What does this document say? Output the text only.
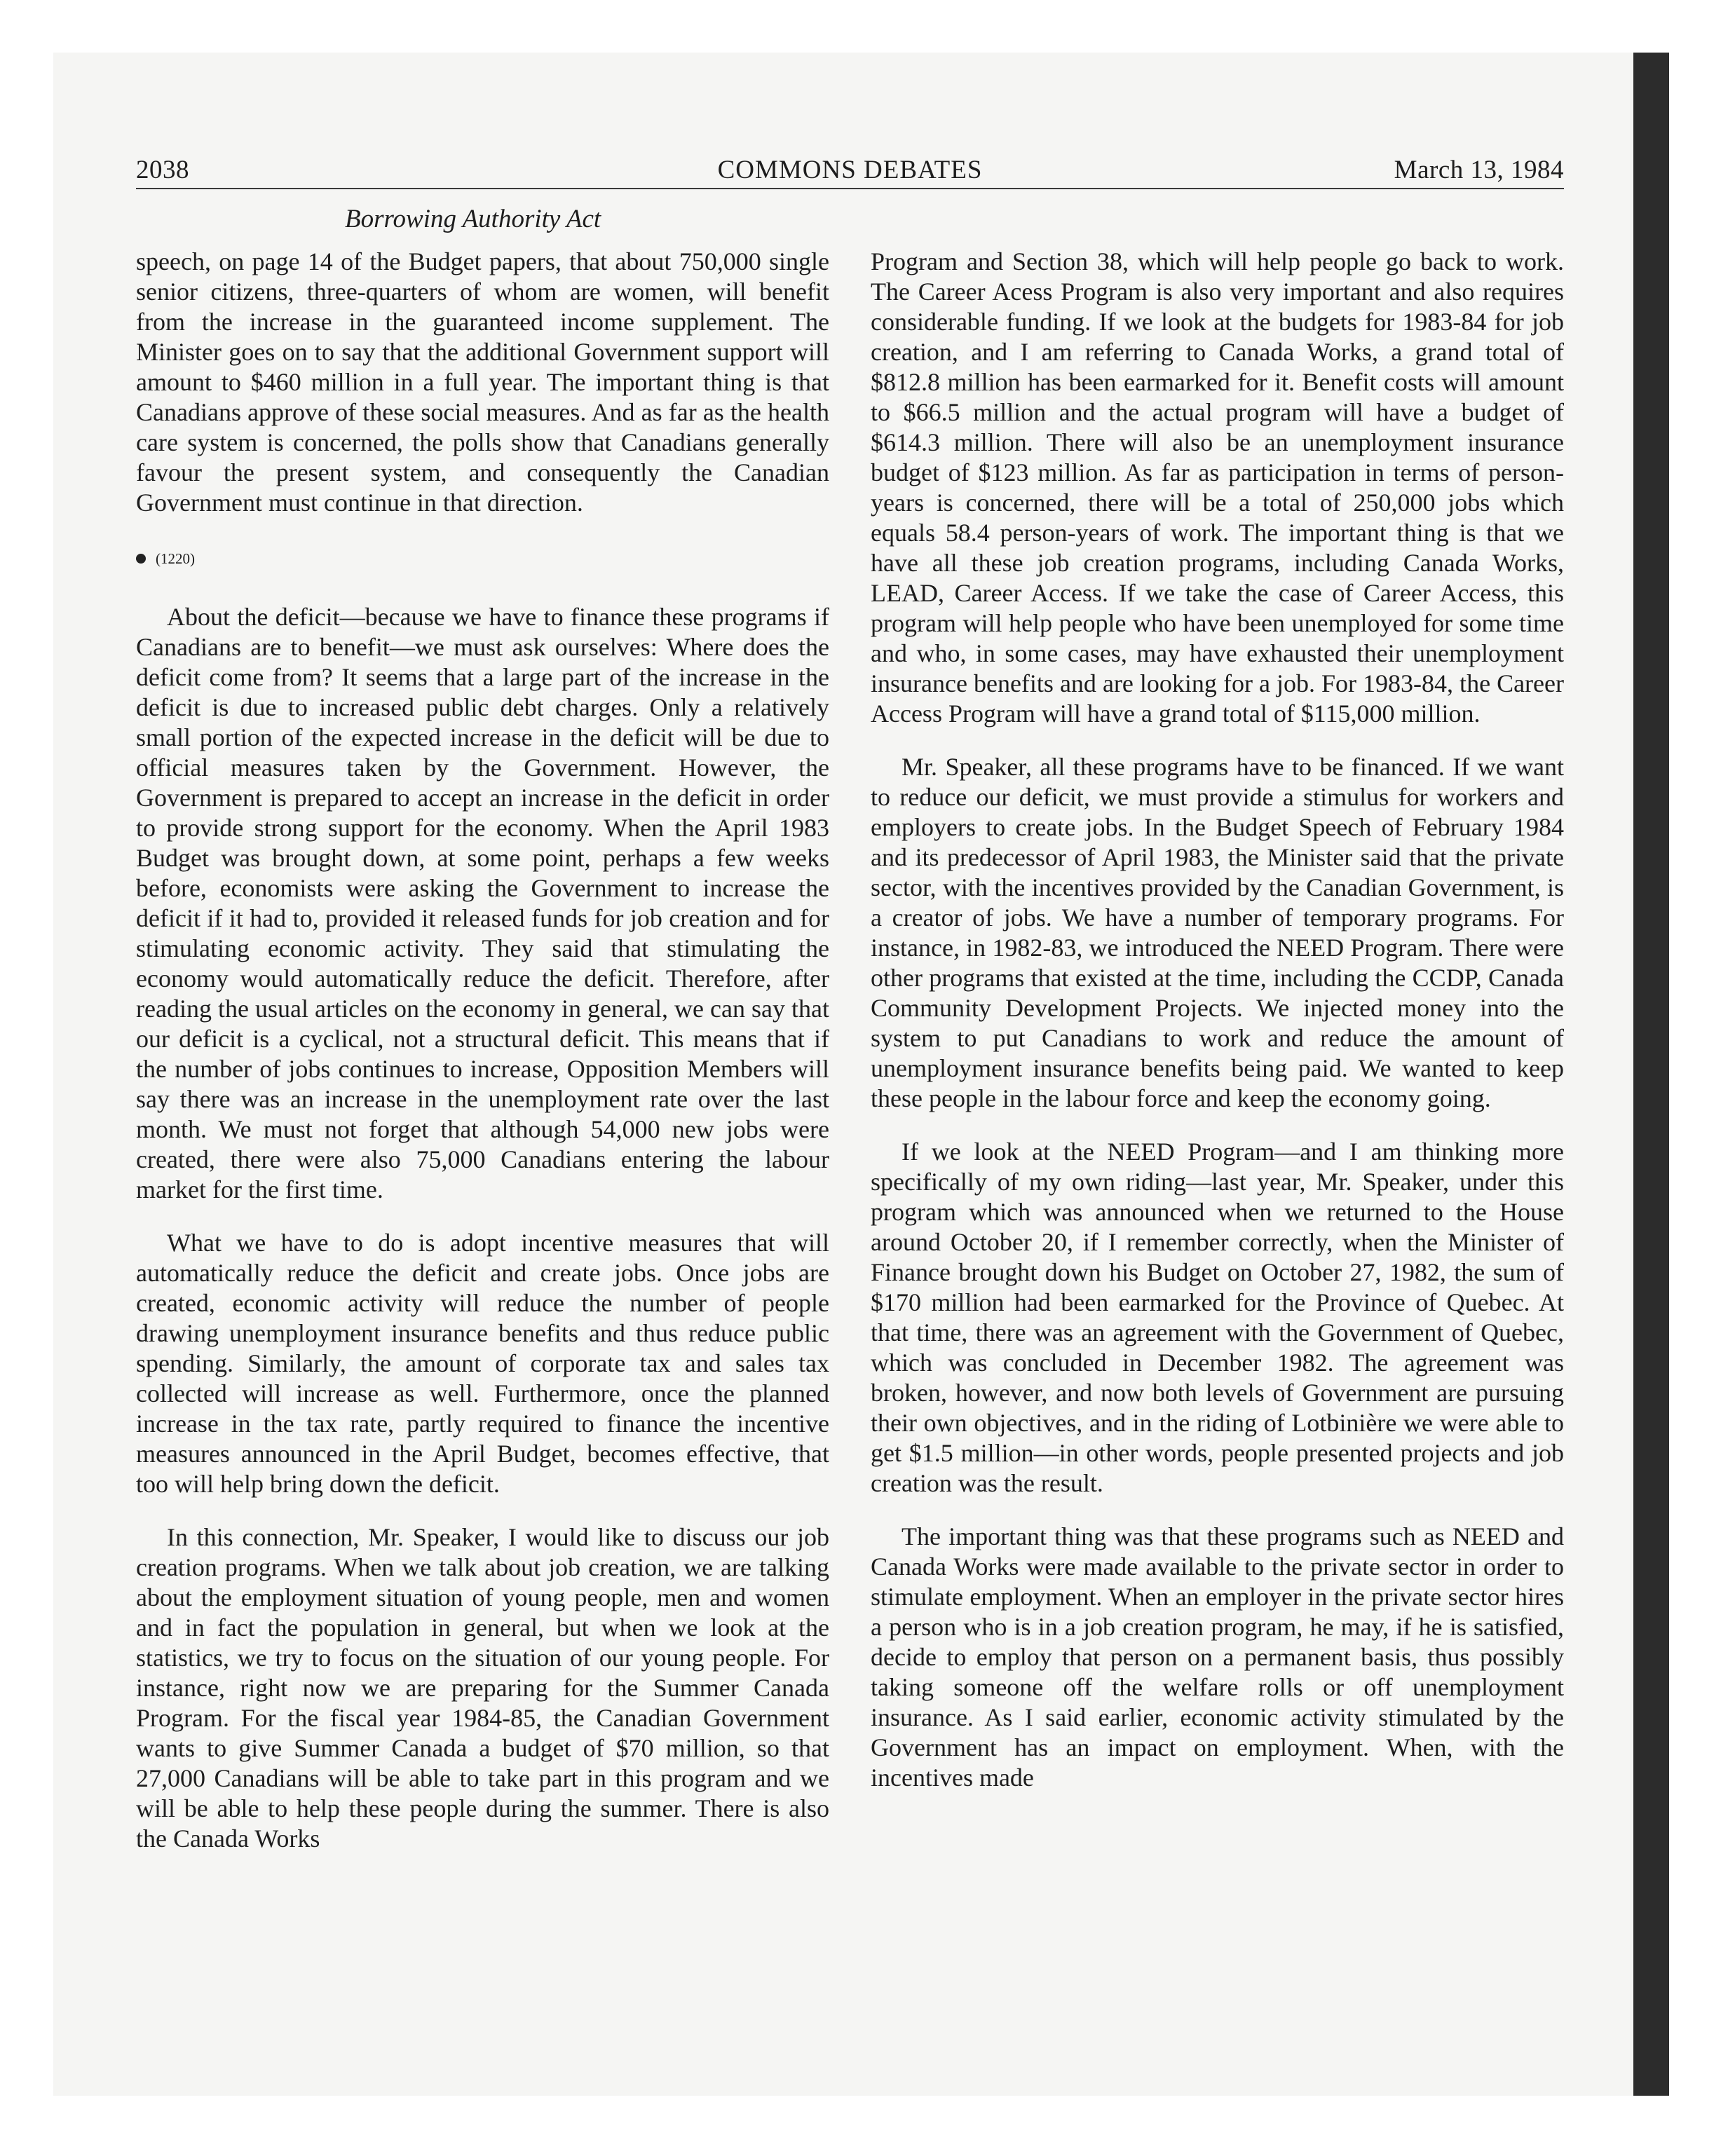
2038	COMMONS DEBATES	March 13, 1984
Borrowing Authority Act

speech, on page 14 of the Budget papers, that about 750,000 single senior citizens, three-quarters of whom are women, will benefit from the increase in the guaranteed income supplement. The Minister goes on to say that the additional Government support will amount to $460 million in a full year. The important thing is that Canadians approve of these social measures. And as far as the health care system is concerned, the polls show that Canadians generally favour the present system, and consequently the Canadian Government must continue in that direction.

(1220)

About the deficit—because we have to finance these programs if Canadians are to benefit—we must ask ourselves: Where does the deficit come from? It seems that a large part of the increase in the deficit is due to increased public debt charges. Only a relatively small portion of the expected increase in the deficit will be due to official measures taken by the Government. However, the Government is prepared to accept an increase in the deficit in order to provide strong support for the economy. When the April 1983 Budget was brought down, at some point, perhaps a few weeks before, economists were asking the Government to increase the deficit if it had to, provided it released funds for job creation and for stimulating economic activity. They said that stimulating the economy would automatically reduce the deficit. Therefore, after reading the usual articles on the economy in general, we can say that our deficit is a cyclical, not a structural deficit. This means that if the number of jobs continues to increase, Opposition Members will say there was an increase in the unemployment rate over the last month. We must not forget that although 54,000 new jobs were created, there were also 75,000 Canadians entering the labour market for the first time.

What we have to do is adopt incentive measures that will automatically reduce the deficit and create jobs. Once jobs are created, economic activity will reduce the number of people drawing unemployment insurance benefits and thus reduce public spending. Similarly, the amount of corporate tax and sales tax collected will increase as well. Furthermore, once the planned increase in the tax rate, partly required to finance the incentive measures announced in the April Budget, becomes effective, that too will help bring down the deficit.

In this connection, Mr. Speaker, I would like to discuss our job creation programs. When we talk about job creation, we are talking about the employment situation of young people, men and women and in fact the population in general, but when we look at the statistics, we try to focus on the situation of our young people. For instance, right now we are preparing for the Summer Canada Program. For the fiscal year 1984-85, the Canadian Government wants to give Summer Canada a budget of $70 million, so that 27,000 Canadians will be able to take part in this program and we will be able to help these people during the summer. There is also the Canada Works

Program and Section 38, which will help people go back to work. The Career Acess Program is also very important and also requires considerable funding. If we look at the budgets for 1983-84 for job creation, and I am referring to Canada Works, a grand total of $812.8 million has been earmarked for it. Benefit costs will amount to $66.5 million and the actual program will have a budget of $614.3 million. There will also be an unemployment insurance budget of $123 million. As far as participation in terms of person-years is concerned, there will be a total of 250,000 jobs which equals 58.4 person-years of work. The important thing is that we have all these job creation programs, including Canada Works, LEAD, Career Access. If we take the case of Career Access, this program will help people who have been unemployed for some time and who, in some cases, may have exhausted their unemployment insurance benefits and are looking for a job. For 1983-84, the Career Access Program will have a grand total of $115,000 million.

Mr. Speaker, all these programs have to be financed. If we want to reduce our deficit, we must provide a stimulus for workers and employers to create jobs. In the Budget Speech of February 1984 and its predecessor of April 1983, the Minister said that the private sector, with the incentives provided by the Canadian Government, is a creator of jobs. We have a number of temporary programs. For instance, in 1982-83, we introduced the NEED Program. There were other programs that existed at the time, including the CCDP, Canada Community Development Projects. We injected money into the system to put Canadians to work and reduce the amount of unemployment insurance benefits being paid. We wanted to keep these people in the labour force and keep the economy going.

If we look at the NEED Program—and I am thinking more specifically of my own riding—last year, Mr. Speaker, under this program which was announced when we returned to the House around October 20, if I remember correctly, when the Minister of Finance brought down his Budget on October 27, 1982, the sum of $170 million had been earmarked for the Province of Quebec. At that time, there was an agreement with the Government of Quebec, which was concluded in December 1982. The agreement was broken, however, and now both levels of Government are pursuing their own objectives, and in the riding of Lotbinière we were able to get $1.5 million—in other words, people presented projects and job creation was the result.

The important thing was that these programs such as NEED and Canada Works were made available to the private sector in order to stimulate employment. When an employer in the private sector hires a person who is in a job creation program, he may, if he is satisfied, decide to employ that person on a permanent basis, thus possibly taking someone off the welfare rolls or off unemployment insurance. As I said earlier, economic activity stimulated by the Government has an impact on employment. When, with the incentives made
